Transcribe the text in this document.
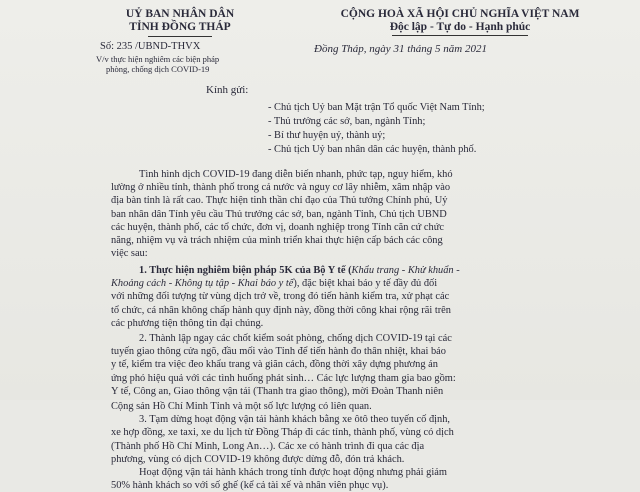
UỶ BAN NHÂN DÂN
TỈNH ĐỒNG THÁP
Số: 235 /UBND-THVX
V/v thực hiện nghiêm các biện pháp
phòng, chống dịch COVID-19
CỘNG HOÀ XÃ HỘI CHỦ NGHĨA VIỆT NAM
Độc lập - Tự do - Hạnh phúc
Đồng Tháp, ngày 31 tháng 5 năm 2021
Kính gửi:
- Chủ tịch Uỷ ban Mặt trận Tổ quốc Việt Nam Tỉnh;
- Thủ trưởng các sở, ban, ngành Tỉnh;
- Bí thư huyện uỷ, thành uỷ;
- Chủ tịch Uỷ ban nhân dân các huyện, thành phố.
Tình hình dịch COVID-19 đang diễn biến nhanh, phức tạp, nguy hiểm, khó
lường ở nhiều tỉnh, thành phố trong cả nước và nguy cơ lây nhiễm, xâm nhập vào
địa bàn tỉnh là rất cao. Thực hiện tinh thần chỉ đạo của Thủ tướng Chính phủ, Uỷ
ban nhân dân Tỉnh yêu cầu Thủ trưởng các sở, ban, ngành Tỉnh, Chủ tịch UBND
các huyện, thành phố, các tổ chức, đơn vị, doanh nghiệp trong Tỉnh căn cứ chức
năng, nhiệm vụ và trách nhiệm của mình triển khai thực hiện cấp bách các công
việc sau:
1. Thực hiện nghiêm biện pháp 5K của Bộ Y tế (Khẩu trang - Khử khuẩn -
Khoảng cách - Không tụ tập - Khai báo y tế), đặc biệt khai báo y tế đầy đủ đối
với những đối tượng từ vùng dịch trở về, trong đó tiến hành kiểm tra, xử phạt các
tổ chức, cá nhân không chấp hành quy định này, đồng thời công khai rộng rãi trên
các phương tiện thông tin đại chúng.
2. Thành lập ngay các chốt kiểm soát phòng, chống dịch COVID-19 tại các
tuyến giao thông cửa ngõ, đầu mối vào Tỉnh để tiến hành đo thân nhiệt, khai báo
y tế, kiểm tra việc đeo khẩu trang và giãn cách, đồng thời xây dựng phương án
ứng phó hiệu quả với các tình huống phát sinh… Các lực lượng tham gia bao gồm:
Y tế, Công an, Giao thông vận tải (Thanh tra giao thông), mời Đoàn Thanh niên
Cộng sản Hồ Chí Minh Tỉnh và một số lực lượng có liên quan.
3. Tạm dừng hoạt động vận tải hành khách bằng xe ôtô theo tuyến cố định,
xe hợp đồng, xe taxi, xe du lịch từ Đồng Tháp đi các tỉnh, thành phố, vùng có dịch
(Thành phố Hồ Chí Minh, Long An…). Các xe có hành trình đi qua các địa
phương, vùng có dịch COVID-19 không được dừng đỗ, đón trả khách.
Hoạt động vận tải hành khách trong tỉnh được hoạt động nhưng phải giảm
50% hành khách so với số ghế (kể cả tài xế và nhân viên phục vụ).
